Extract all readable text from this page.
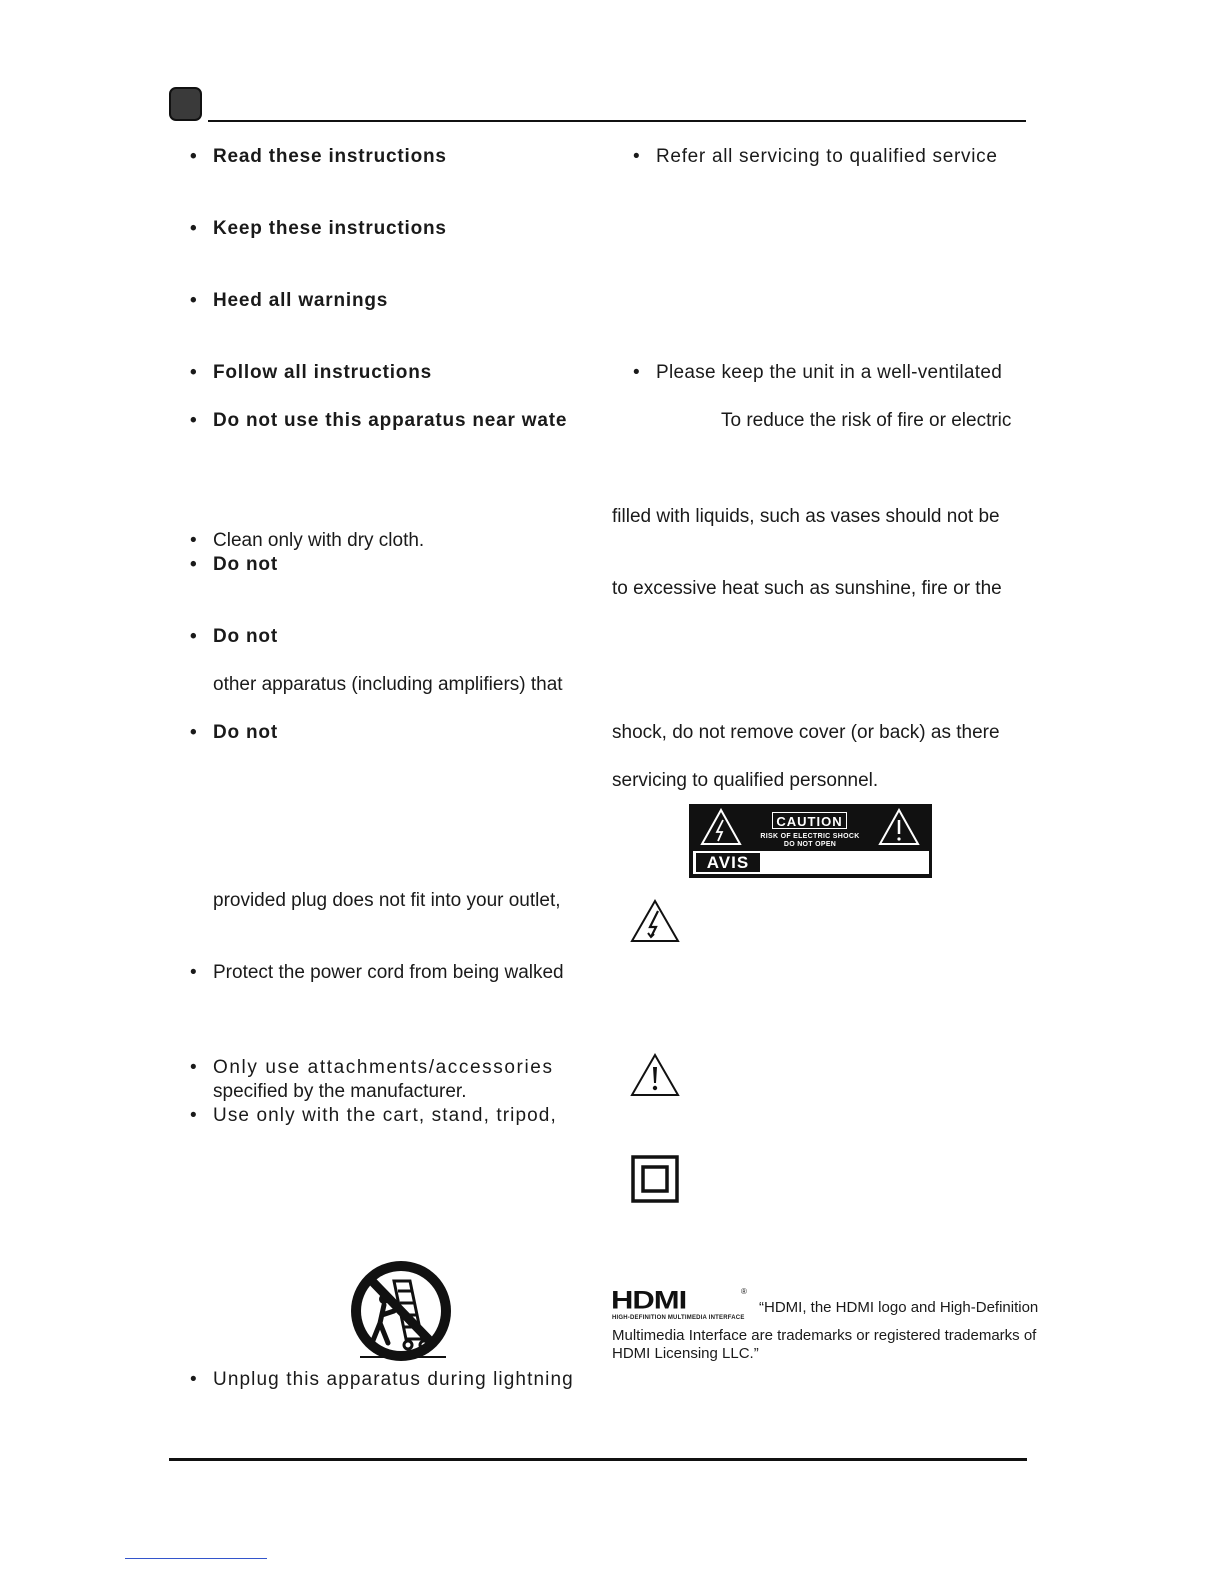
• Read these instructions
• Keep these instructions
• Heed all warnings
• Follow all instructions
• Do not use this apparatus near wate
• Clean only with dry cloth.
• Do not
• Do not
other apparatus (including amplifiers) that
• Do not
provided plug does not fit into your outlet,
• Protect the power cord from being walked
• Only use attachments/accessories
specified by the manufacturer.
• Use only with the cart, stand, tripod,
• Unplug this apparatus during lightning
• Refer all servicing to qualified service
• Please keep the unit in a well-ventilated
To reduce the risk of fire or electric
filled with liquids, such as vases should not be
to excessive heat such as sunshine, fire or the
shock, do not remove cover (or back) as there
servicing to qualified personnel.
CAUTION
RISK OF ELECTRIC SHOCK
DO NOT OPEN
AVIS
HDMI	®
HIGH-DEFINITION MULTIMEDIA INTERFACE
“HDMI, the HDMI logo and High-Definition
Multimedia Interface are trademarks or registered trademarks of
HDMI Licensing LLC.”
